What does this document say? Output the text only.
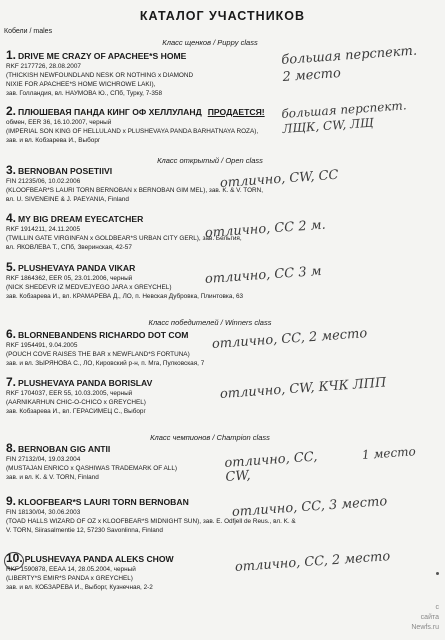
КАТАЛОГ УЧАСТНИКОВ
Кобели / males
Класс щенков / Puppy class
1. DRIVE ME CRAZY OF APACHEE*S HOME
RKF 2177726, 28.08.2007
(THICKISH NEWFOUNDLAND NESK OR NOTHING x DIAMOND
NIXIE FOR APACHEE*S HOME WICHROWE LAKI),
зав. Голландия, вл. НАУМОВА Ю., СПб, Турку, 7-358
большая перспект. 2 место
2. ПЛЮШЕВАЯ ПАНДА КИНГ ОФ ХЕЛЛУЛАНД ПРОДАЕТСЯ!
обмен, EER 36, 16.10.2007, черный
(IMPERIAL SON KING OF HELLULAND x PLUSHEVAYA PANDA BARHATNAYA ROZA),
зав. и вл. Кобзарева И., Выборг
большая перспект. ЛЩК, CW, ЛЩ
Класс открытый / Open class
3. BERNOBAN POSETIIVI
FIN 21235/06, 10.02.2006
(KLOOFBEAR*S LAURI TORN BERNOBAN x BERNOBAN GIM MEL), зав. K. & V. TORN,
вл. U. SIVENEINE & J. PAEYANIA, Finland
отлично, CW, CC
4. MY BIG DREAM EYECATCHER
RKF 1914211, 24.11.2005
(TWILLIN GATE VIRGINFAN x GOLDBEAR*S URBAN CITY GERL), зав. Бельгия,
вл. ЯКОВЛЕВА Т., СПб, Зверинская, 42-57
отлично, CC 2 м.
5. PLUSHEVAYA PANDA VIKAR
RKF 1864362, EER 05, 23.01.2006, черный
(NICK SHEDEVR IZ MEDVEJYEGO JARA x GREYCHEL)
зав. Кобзарева И., вл. КРАМАРЕВА Д., ЛО, п. Невская Дубровка, Плинтовка, 63
отлично, CC 3 м
Класс победителей / Winners class
6. BLORNEBANDENS RICHARDO DOT COM
RKF 1954491, 9.04.2005
(POUCH COVE RAISES THE BAR x NEWFLAND*S FORTUNA)
зав. и вл. ЗЫРЯНОВА С., ЛО, Кировский р-н, п. Мга, Пулковская, 7
отлично, CC, 2 место
7. PLUSHEVAYA PANDA BORISLAV
RKF 1704037, EER 55, 10.03.2005, черный
(AARNIKARHUN CHIC-O-CHICO x GREYCHEL)
зав. Кобзарева И., вл. ГЕРАСИМЕЦ С., Выборг
отлично, CW, КЧК ЛПП
Класс чемпионов / Champion class
8. BERNOBAN GIG ANTII
FIN 27132/04, 19.03.2004
(MUSTAJAN ENRICO x QASHIWAS TRADEMARK OF ALL)
зав. и вл. K. & V. TORN, Finland
отлично, CC, CW,
1 место
9. KLOOFBEAR*S LAURI TORN BERNOBAN
FIN 18130/04, 30.06.2003
(TOAD HALLS WIZARD OF OZ x KLOOFBEAR*S MIDNIGHT SUN), зав. E. Odfjell de Reus., вл. K. &
V. TORN, Siirasalmentie 12, 57230 Savonlinna, Finland
отлично, CC, 3 место
10. PLUSHEVAYA PANDA ALEKS CHOW
RKF 1590878, EEAA 14, 28.05.2004, черный
(LIBERTY*S EMIR*S PANDA x GREYCHEL)
зав. и вл. КОБЗАРЕВА И., Выборг, Кузнечная, 2-2
отлично, CC, 2 место
с
сайта
Newfs.ru
